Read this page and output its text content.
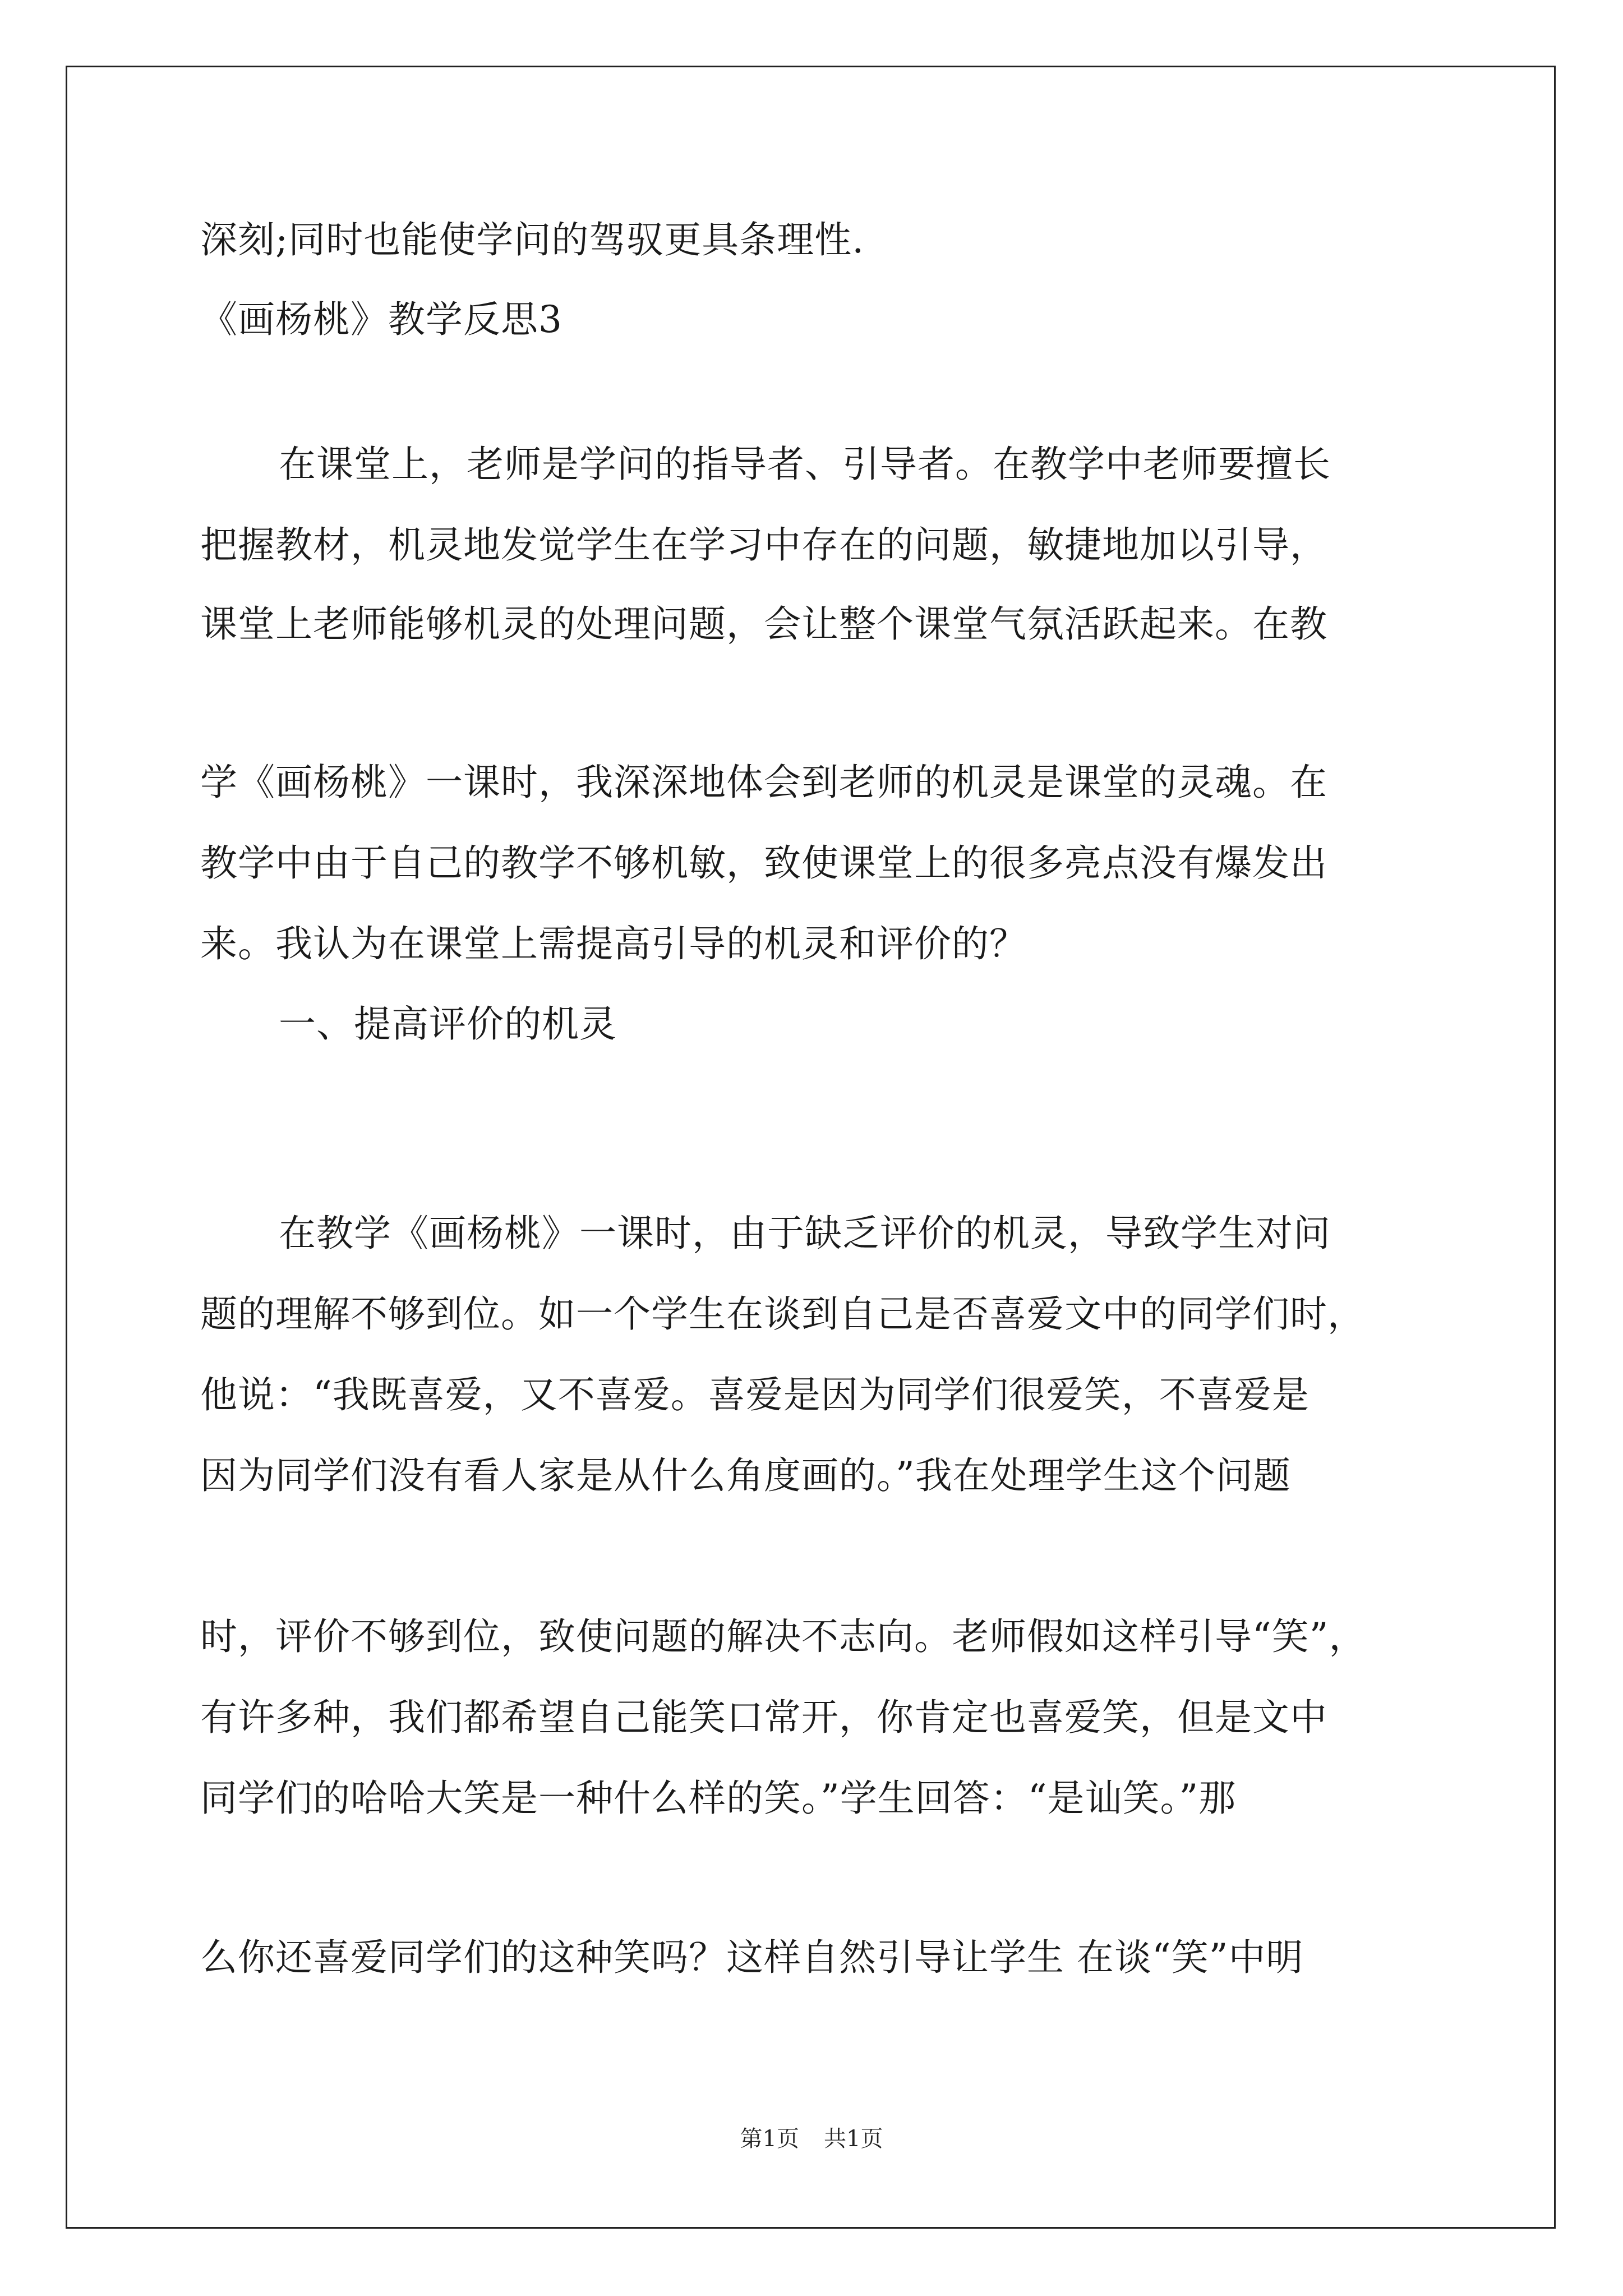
深刻;同时也能使学问的驾驭更具条理性.
《画杨桃》教学反思3
在课堂上，老师是学问的指导者、引导者。在教学中老师要擅长
把握教材，机灵地发觉学生在学习中存在的问题，敏捷地加以引导，
课堂上老师能够机灵的处理问题，会让整个课堂气氛活跃起来。在教
学《画杨桃》一课时，我深深地体会到老师的机灵是课堂的灵魂。在
教学中由于自己的教学不够机敏，致使课堂上的很多亮点没有爆发出
来。我认为在课堂上需提高引导的机灵和评价的？
一、提高评价的机灵
在教学《画杨桃》一课时，由于缺乏评价的机灵，导致学生对问
题的理解不够到位。如一个学生在谈到自己是否喜爱文中的同学们时，
他说：“我既喜爱，又不喜爱。喜爱是因为同学们很爱笑，不喜爱是
因为同学们没有看人家是从什么角度画的。”我在处理学生这个问题
时，评价不够到位，致使问题的解决不志向。老师假如这样引导“笑”，
有许多种，我们都希望自己能笑口常开，你肯定也喜爱笑，但是文中
同学们的哈哈大笑是一种什么样的笑。”学生回答：“是讪笑。”那
么你还喜爱同学们的这种笑吗？这样自然引导让学生 在谈“笑”中明
第1页 共1页
